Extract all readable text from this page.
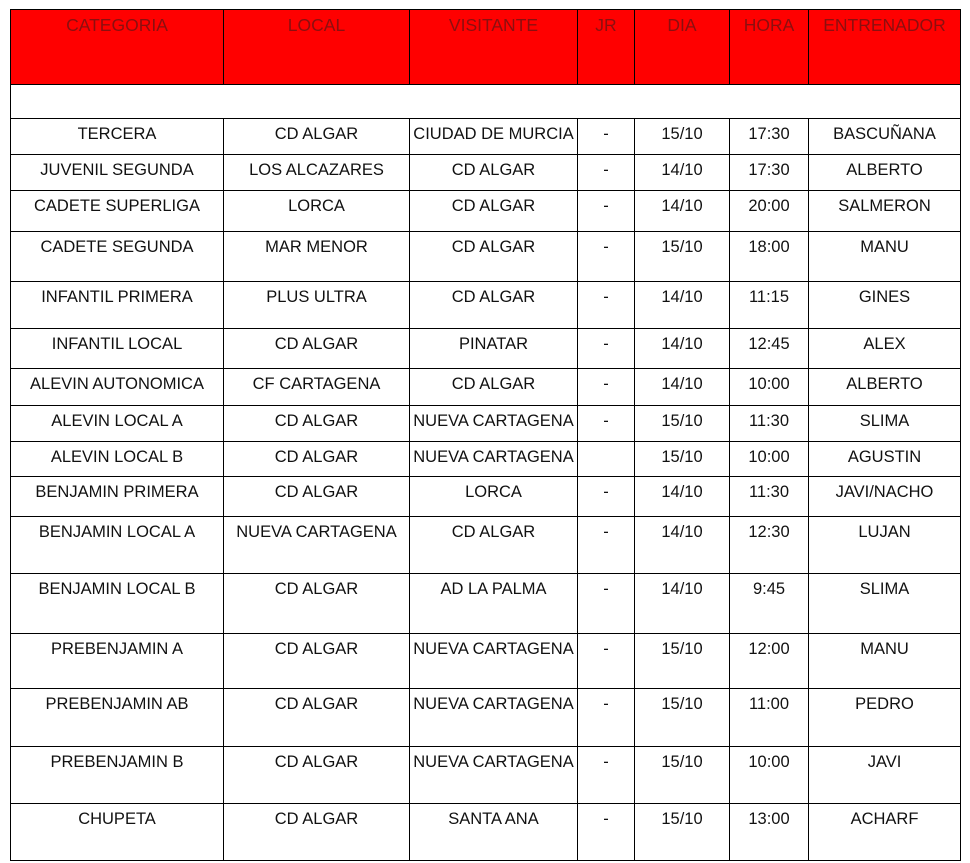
CATEGORIA	LOCAL	VISITANTE	JR	DIA	HORA	ENTRENADOR

TERCERA	CD ALGAR	CIUDAD DE MURCIA	-	15/10	17:30	BASCUÑANA
JUVENIL SEGUNDA	LOS ALCAZARES	CD ALGAR	-	14/10	17:30	ALBERTO
CADETE SUPERLIGA	LORCA	CD ALGAR	-	14/10	20:00	SALMERON
CADETE SEGUNDA	MAR MENOR	CD ALGAR	-	15/10	18:00	MANU
INFANTIL PRIMERA	PLUS ULTRA	CD ALGAR	-	14/10	11:15	GINES
INFANTIL LOCAL	CD ALGAR	PINATAR	-	14/10	12:45	ALEX
ALEVIN AUTONOMICA	CF CARTAGENA	CD ALGAR	-	14/10	10:00	ALBERTO
ALEVIN LOCAL A	CD ALGAR	NUEVA CARTAGENA	-	15/10	11:30	SLIMA
ALEVIN LOCAL B	CD ALGAR	NUEVA CARTAGENA		15/10	10:00	AGUSTIN
BENJAMIN PRIMERA	CD ALGAR	LORCA	-	14/10	11:30	JAVI/NACHO
BENJAMIN LOCAL A	NUEVA CARTAGENA	CD ALGAR	-	14/10	12:30	LUJAN
BENJAMIN LOCAL B	CD ALGAR	AD LA PALMA	-	14/10	9:45	SLIMA
PREBENJAMIN A	CD ALGAR	NUEVA CARTAGENA	-	15/10	12:00	MANU
PREBENJAMIN AB	CD ALGAR	NUEVA CARTAGENA	-	15/10	11:00	PEDRO
PREBENJAMIN B	CD ALGAR	NUEVA CARTAGENA	-	15/10	10:00	JAVI
CHUPETA	CD ALGAR	SANTA ANA	-	15/10	13:00	ACHARF
